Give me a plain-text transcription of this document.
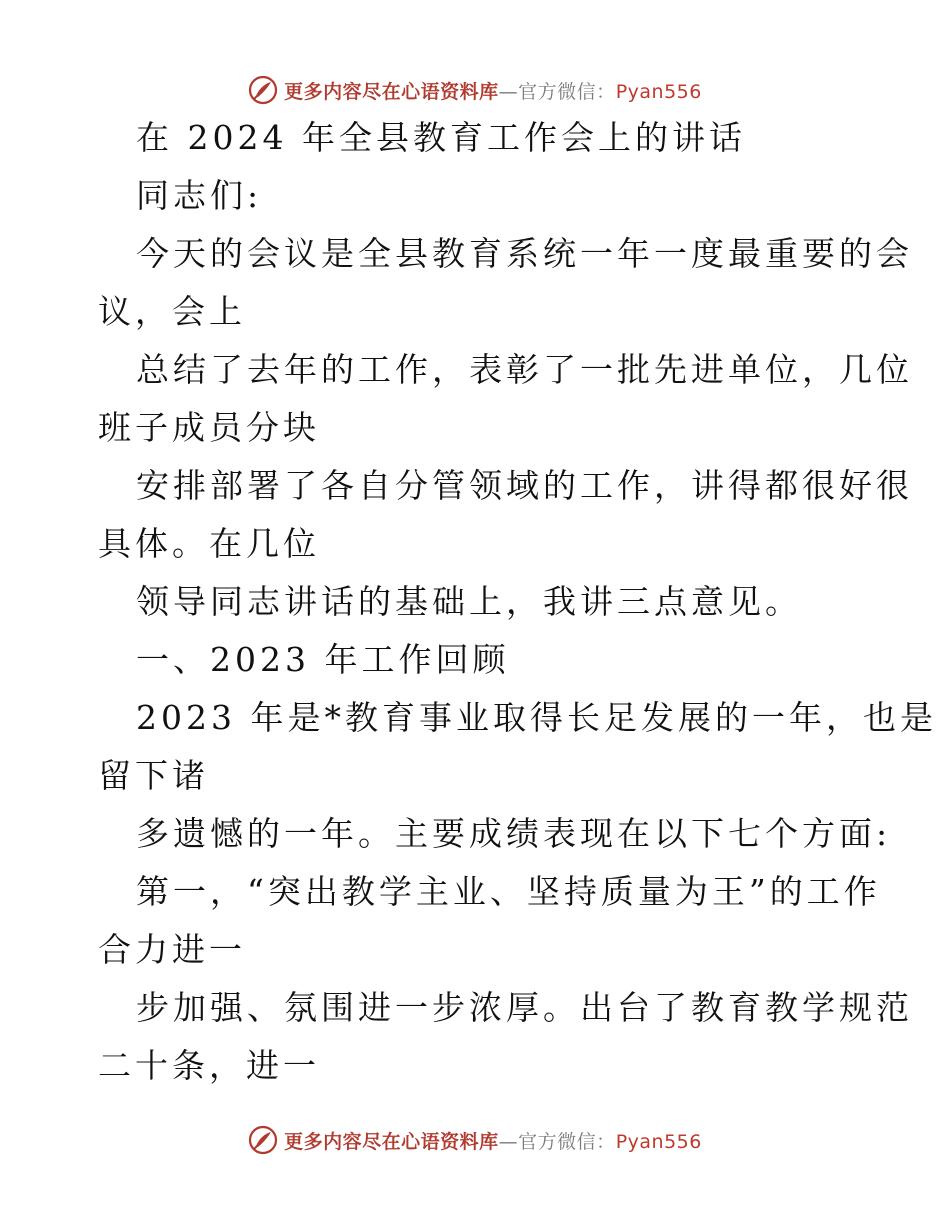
更多内容尽在心语资料库—官方微信：Pyan556
在 2024 年全县教育工作会上的讲话
同志们:
今天的会议是全县教育系统一年一度最重要的会
议，会上
总结了去年的工作，表彰了一批先进单位，几位
班子成员分块
安排部署了各自分管领域的工作，讲得都很好很
具体。在几位
领导同志讲话的基础上，我讲三点意见。
一、2023 年工作回顾
2023 年是*教育事业取得长足发展的一年，也是
留下诸
多遗憾的一年。主要成绩表现在以下七个方面:
第一，“突出教学主业、坚持质量为王”的工作
合力进一
步加强、氛围进一步浓厚。出台了教育教学规范
二十条，进一
更多内容尽在心语资料库—官方微信：Pyan556
